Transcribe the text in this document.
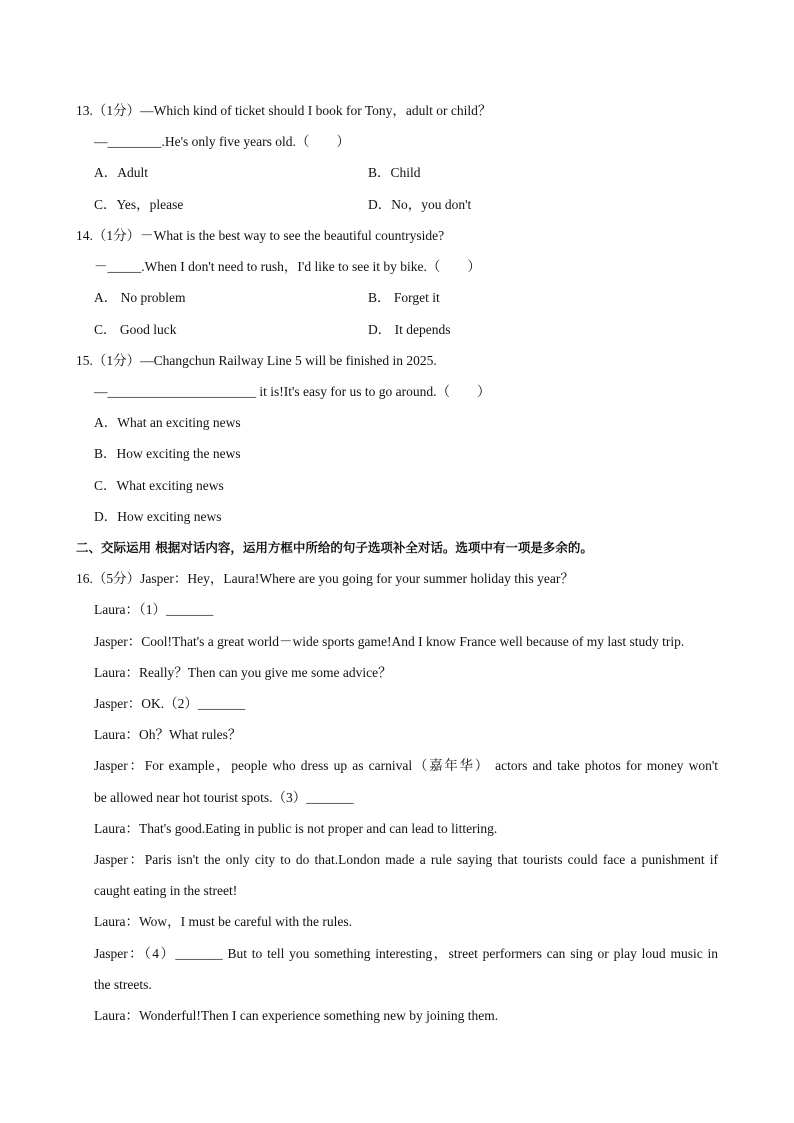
13.（1分）—Which kind of ticket should I book for Tony，adult or child？
—________.He's only five years old.（　　）
A．Adult	B．Child
C．Yes，please	D．No，you don't
14.（1分）－What is the best way to see the beautiful countryside?
－_____.When I don't need to rush，I'd like to see it by bike.（　　）
A． No problem	B． Forget it
C． Good luck	D． It depends
15.（1分）—Changchun Railway Line 5 will be finished in 2025.
—______________________ it is!It's easy for us to go around.（　　）
A．What an exciting news
B．How exciting the news
C．What exciting news
D．How exciting news
二、交际运用 根据对话内容，运用方框中所给的句子选项补全对话。选项中有一项是多余的。
16.（5分）Jasper：Hey，Laura!Where are you going for your summer holiday this year？
Laura：（1）_______
Jasper：Cool!That's a great world－wide sports game!And I know France well because of my last study trip.
Laura：Really？Then can you give me some advice？
Jasper：OK.（2）_______
Laura：Oh？What rules？
Jasper：For example，people who dress up as carnival（嘉年华） actors and take photos for money won't
be allowed near hot tourist spots.（3）_______
Laura：That's good.Eating in public is not proper and can lead to littering.
Jasper：Paris isn't the only city to do that.London made a rule saying that tourists could face a punishment if
caught eating in the street!
Laura：Wow，I must be careful with the rules.
Jasper：（4）_______ But to tell you something interesting，street performers can sing or play loud music in
the streets.
Laura：Wonderful!Then I can experience something new by joining them.
